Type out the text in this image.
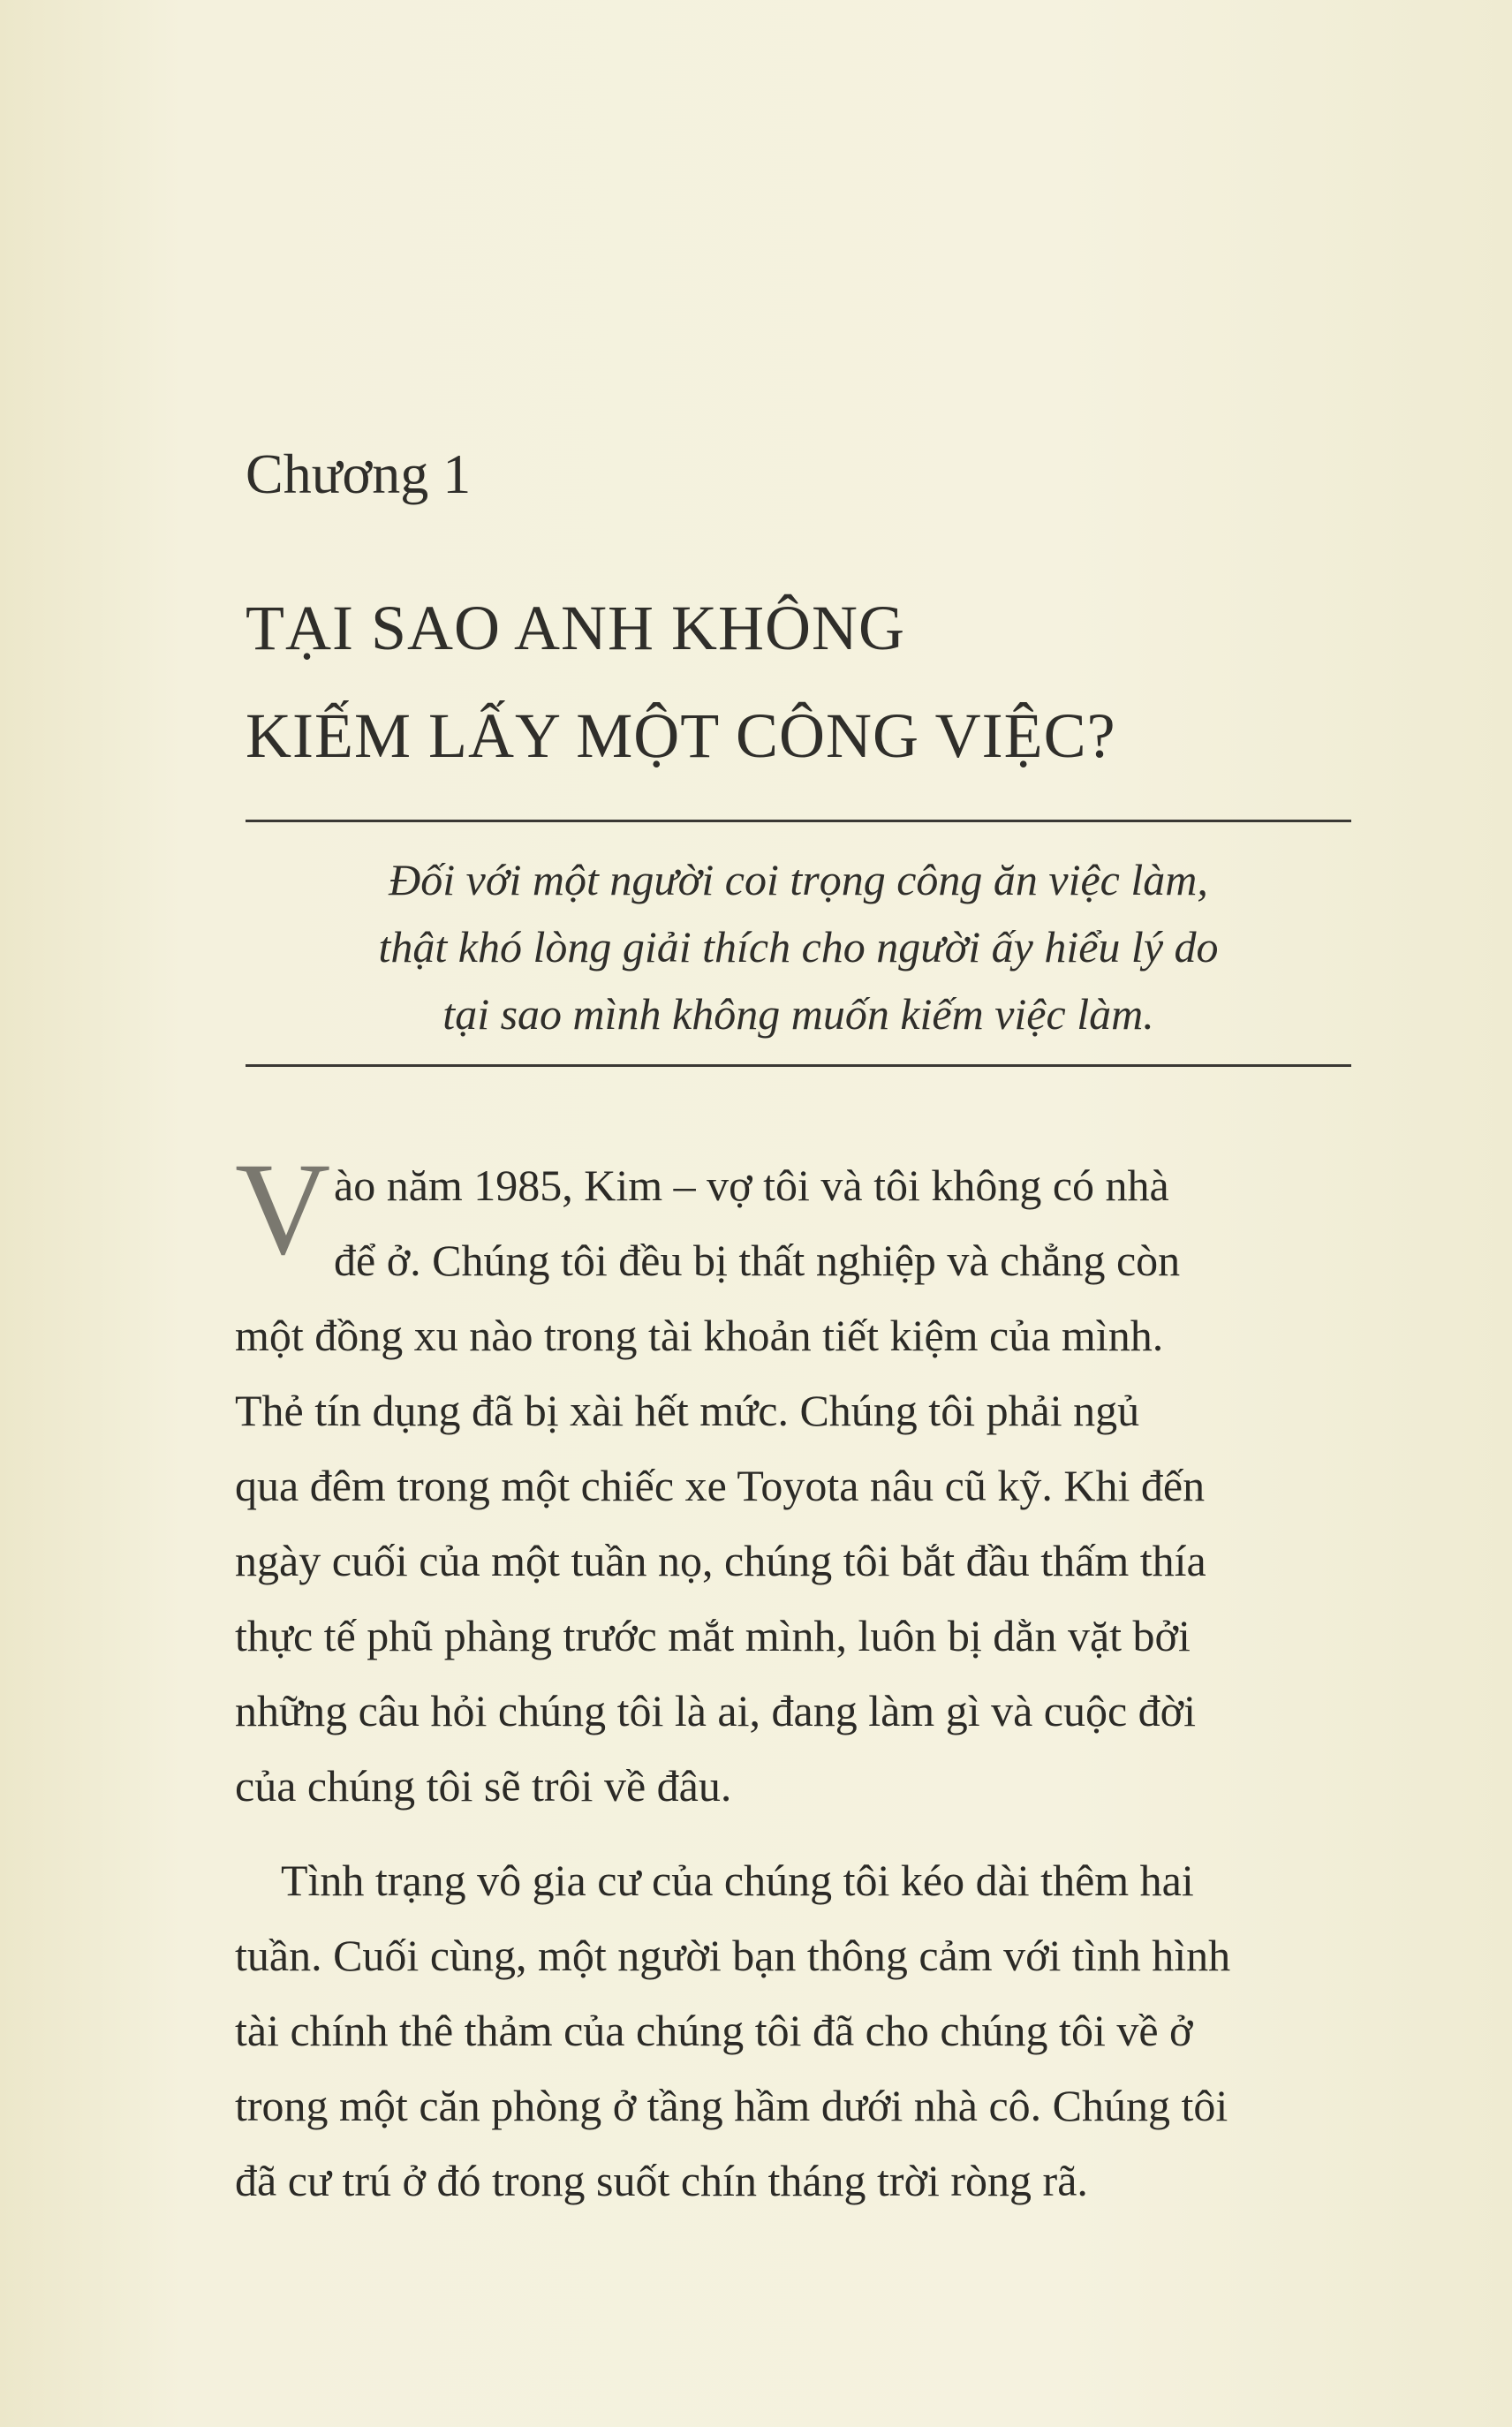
Chương 1

TẠI SAO ANH KHÔNG
KIẾM LẤY MỘT CÔNG VIỆC?

Đối với một người coi trọng công ăn việc làm,
thật khó lòng giải thích cho người ấy hiểu lý do
tại sao mình không muốn kiếm việc làm.

V ào năm 1985, Kim – vợ tôi và tôi không có nhà
để ở. Chúng tôi đều bị thất nghiệp và chẳng còn
một đồng xu nào trong tài khoản tiết kiệm của mình.
Thẻ tín dụng đã bị xài hết mức. Chúng tôi phải ngủ
qua đêm trong một chiếc xe Toyota nâu cũ kỹ. Khi đến
ngày cuối của một tuần nọ, chúng tôi bắt đầu thấm thía
thực tế phũ phàng trước mắt mình, luôn bị dằn vặt bởi
những câu hỏi chúng tôi là ai, đang làm gì và cuộc đời
của chúng tôi sẽ trôi về đâu.

Tình trạng vô gia cư của chúng tôi kéo dài thêm hai
tuần. Cuối cùng, một người bạn thông cảm với tình hình
tài chính thê thảm của chúng tôi đã cho chúng tôi về ở
trong một căn phòng ở tầng hầm dưới nhà cô. Chúng tôi
đã cư trú ở đó trong suốt chín tháng trời ròng rã.
